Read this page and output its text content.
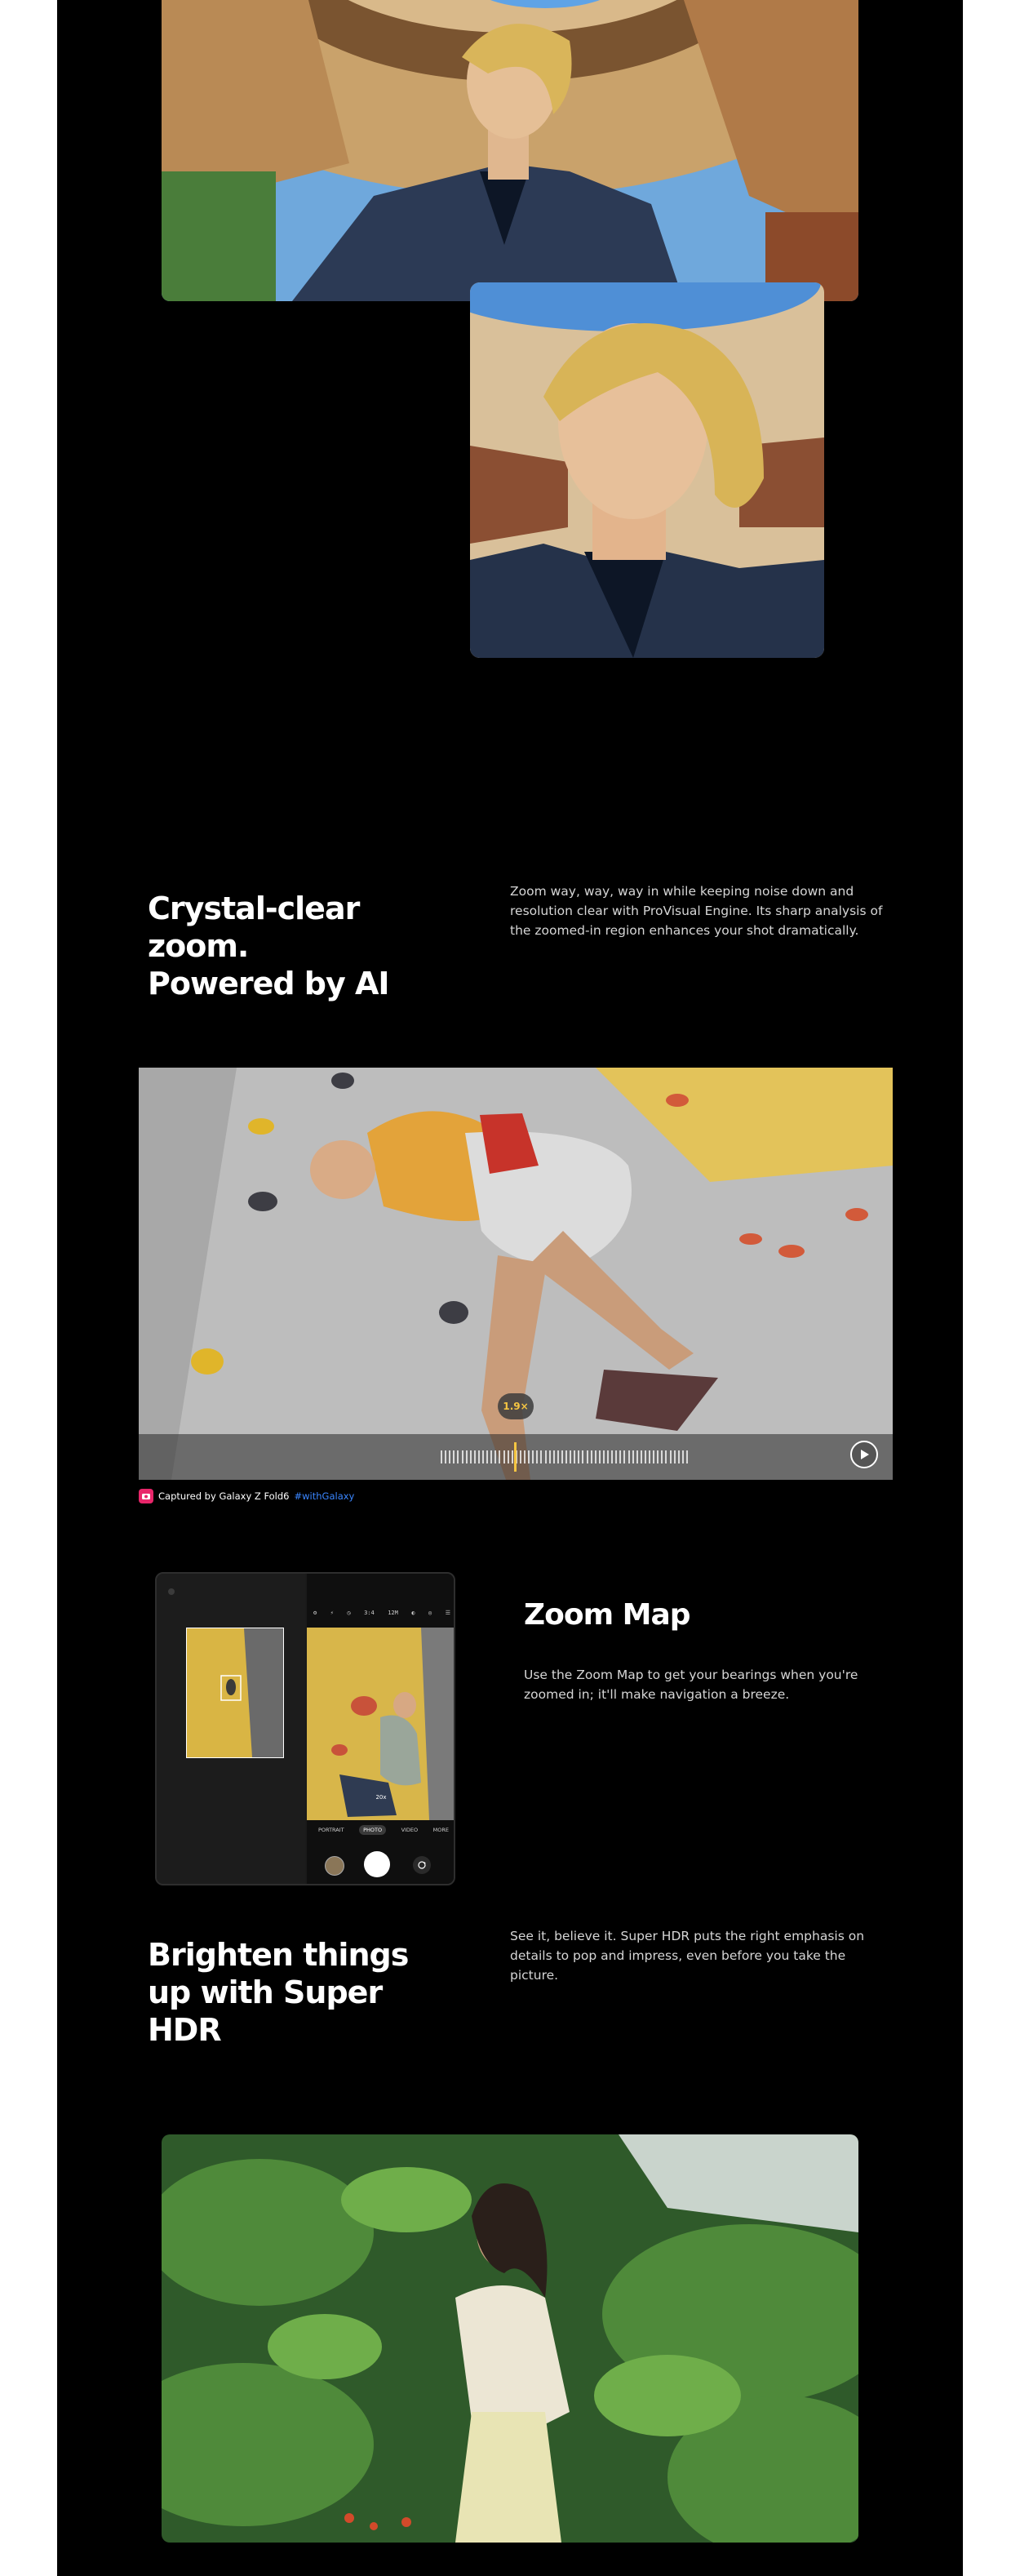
Crystal-clear
zoom.
Powered by AI
Zoom way, way, way in while keeping noise down and resolution clear with ProVisual Engine. Its sharp analysis of the zoomed-in region enhances your shot dramatically.
1.9×
Captured by Galaxy Z Fold6 #withGalaxy
⚙ ⚡ ◷ 3:4 12M ◐ ◎ ☰
20x
PORTRAIT	PHOTO	VIDEO	MORE
Zoom Map
Use the Zoom Map to get your bearings when you're zoomed in; it'll make navigation a breeze.
Brighten things
up with Super
HDR
See it, believe it. Super HDR puts the right emphasis on details to pop and impress, even before you take the picture.
